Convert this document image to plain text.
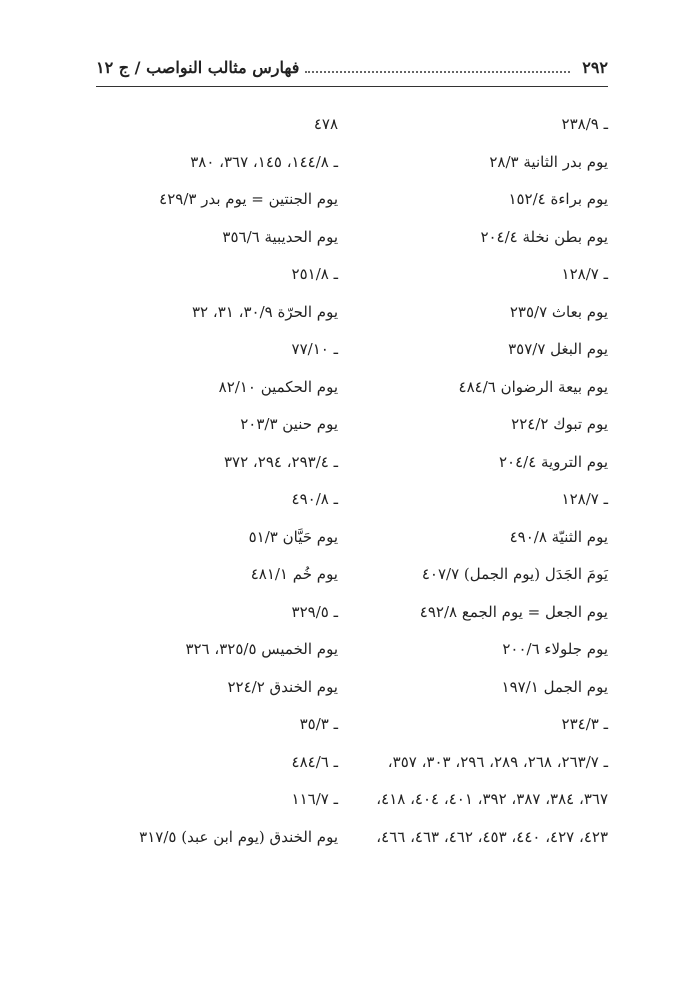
٢٩٢
فهارس مثالب النواصب / ج ١٢
ـ ٢٣٨/٩
يوم بدر الثانية ٢٨/٣
يوم براءة ١٥٢/٤
يوم بطن نخلة ٢٠٤/٤
ـ ١٢٨/٧
يوم بعاث ٢٣٥/٧
يوم البغل ٣٥٧/٧
يوم بيعة الرضوان ٤٨٤/٦
يوم تبوك ٢٢٤/٢
يوم التروية ٢٠٤/٤
ـ ١٢٨/٧
يوم الثنيّة ٤٩٠/٨
يَومَ الجَدَل (يوم الجمل) ٤٠٧/٧
يوم الجعل = يوم الجمع ٤٩٢/٨
يوم جلولاء ٢٠٠/٦
يوم الجمل ١٩٧/١
ـ ٢٣٤/٣
ـ ٢٦٣/٧، ٢٦٨، ٢٨٩، ٢٩٦، ٣٠٣، ٣٥٧،
٣٦٧، ٣٨٤، ٣٨٧، ٣٩٢، ٤٠١، ٤٠٤، ٤١٨،
٤٢٣، ٤٢٧، ٤٤٠، ٤٥٣، ٤٦٢، ٤٦٣، ٤٦٦،
٤٧٨
ـ ١٤٤/٨، ١٤٥، ٣٦٧، ٣٨٠
يوم الجنتين = يوم بدر ٤٢٩/٣
يوم الحديبية ٣٥٦/٦
ـ ٢٥١/٨
يوم الحرّة ٣٠/٩، ٣١، ٣٢
ـ ٧٧/١٠
يوم الحكمين ٨٢/١٠
يوم حنين ٢٠٣/٣
ـ ٢٩٣/٤، ٢٩٤، ٣٧٢
ـ ٤٩٠/٨
يوم حَيَّان ٥١/٣
يوم خُم ٤٨١/١
ـ ٣٢٩/٥
يوم الخميس ٣٢٥/٥، ٣٢٦
يوم الخندق ٢٢٤/٢
ـ ٣٥/٣
ـ ٤٨٤/٦
ـ ١١٦/٧
يوم الخندق (يوم ابن عبد) ٣١٧/٥
